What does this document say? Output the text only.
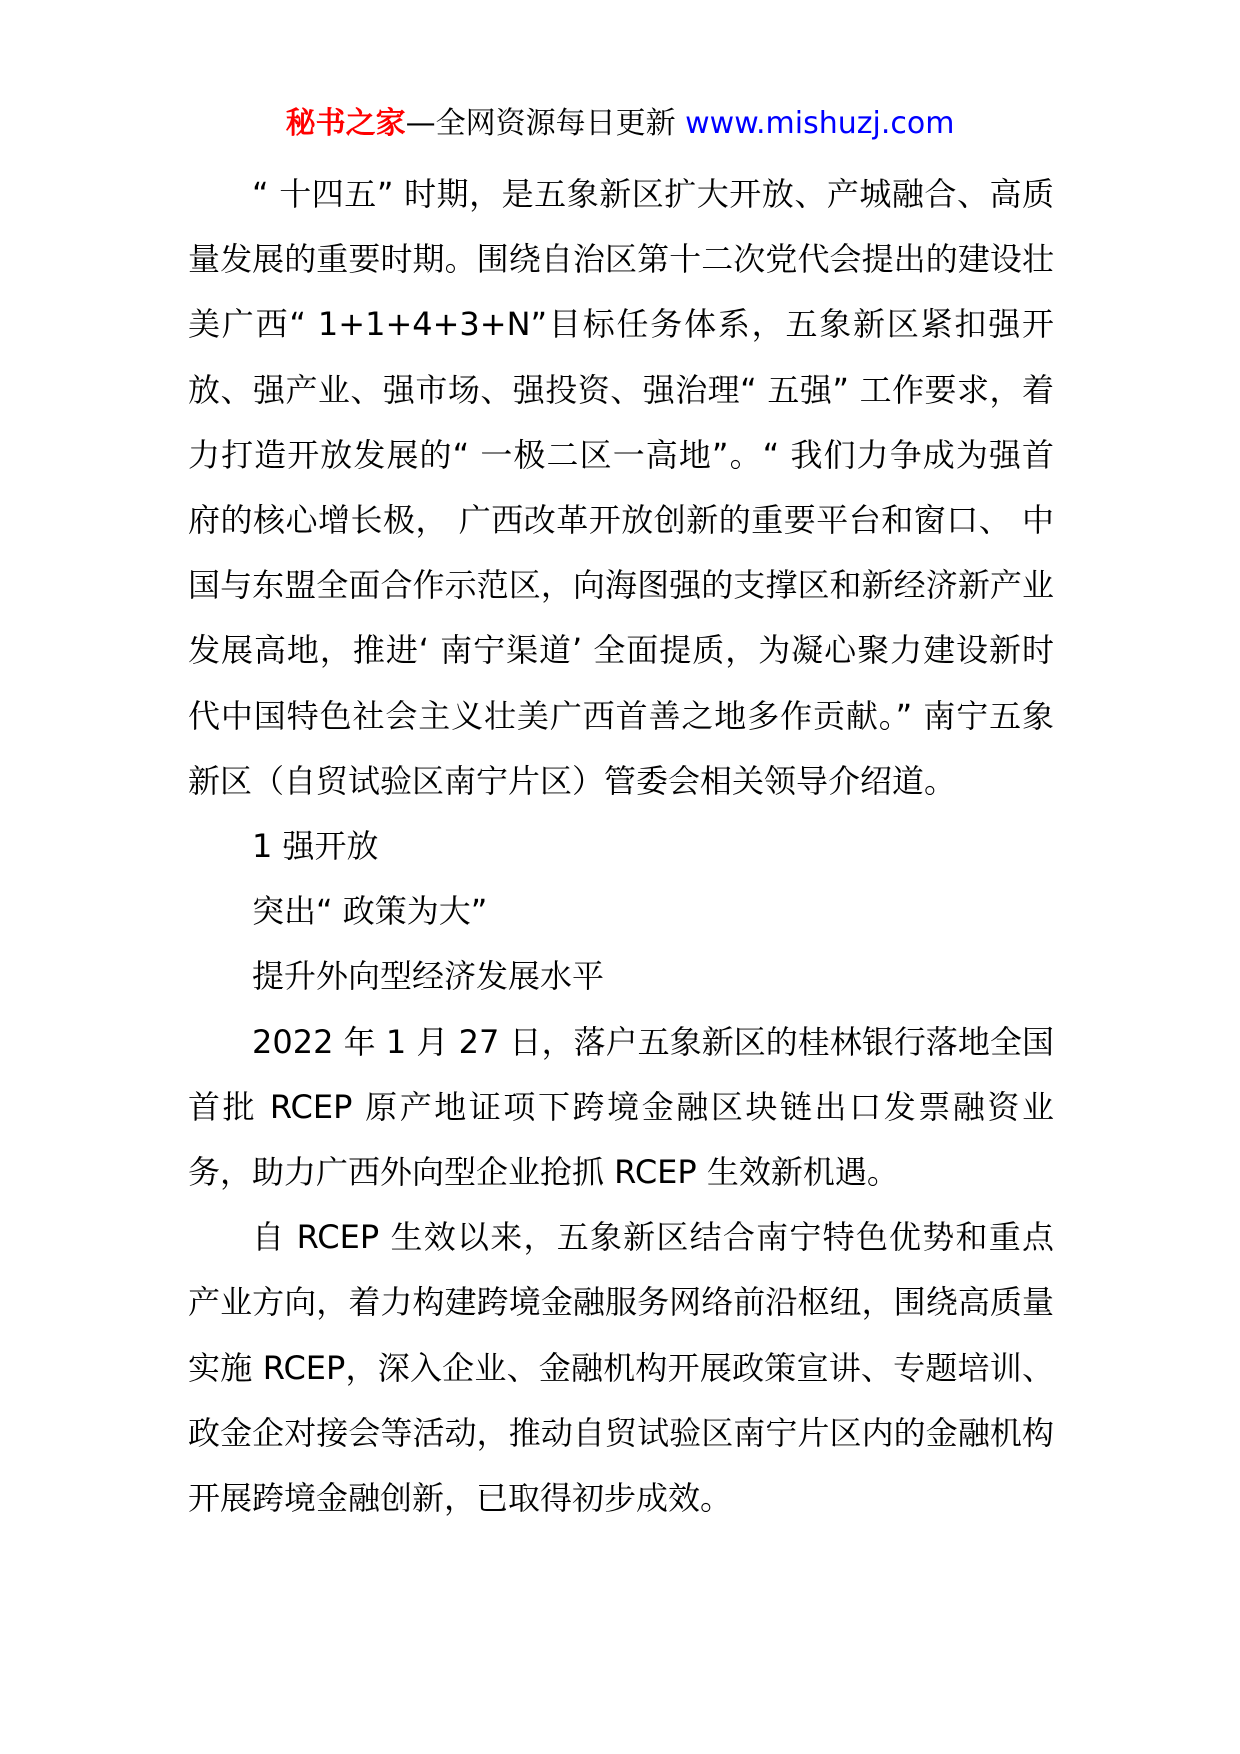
秘书之家—全网资源每日更新 www.mishuzj.com

“ 十四五” 时期，是五象新区扩大开放、产城融合、高质量发展的重要时期。围绕自治区第十二次党代会提出的建设壮美广西“ 1+1+4+3+N”目标任务体系，五象新区紧扣强开放、强产业、强市场、强投资、强治理“ 五强” 工作要求，着力打造开放发展的“ 一极二区一高地”。“ 我们力争成为强首府的核心增长极， 广西改革开放创新的重要平台和窗口、 中国与东盟全面合作示范区，向海图强的支撑区和新经济新产业发展高地，推进‘ 南宁渠道’ 全面提质，为凝心聚力建设新时代中国特色社会主义壮美广西首善之地多作贡献。” 南宁五象新区（自贸试验区南宁片区）管委会相关领导介绍道。

1 强开放

突出“ 政策为大”

提升外向型经济发展水平

2022 年 1 月 27 日，落户五象新区的桂林银行落地全国首批 RCEP 原产地证项下跨境金融区块链出口发票融资业务，助力广西外向型企业抢抓 RCEP 生效新机遇。

自 RCEP 生效以来，五象新区结合南宁特色优势和重点产业方向，着力构建跨境金融服务网络前沿枢纽，围绕高质量实施 RCEP，深入企业、金融机构开展政策宣讲、专题培训、政金企对接会等活动，推动自贸试验区南宁片区内的金融机构开展跨境金融创新，已取得初步成效。
